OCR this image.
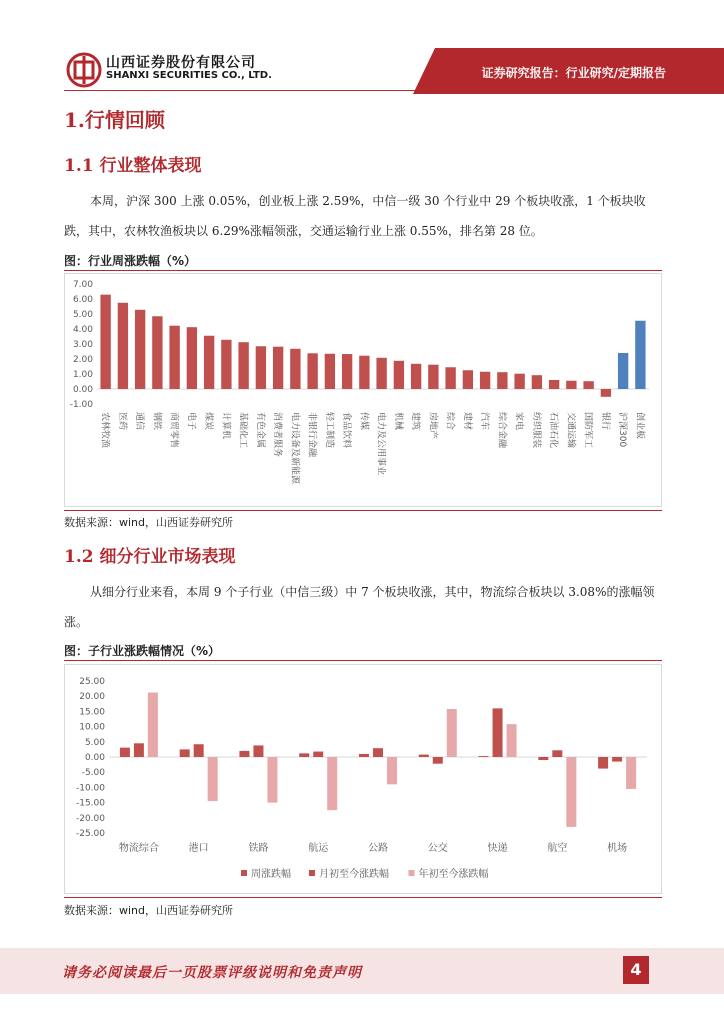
山西证券股份有限公司
SHANXI SECURITIES CO., LTD.	证券研究报告：行业研究/定期报告
1.行情回顾
1.1 行业整体表现
本周，沪深 300 上涨 0.05%，创业板上涨 2.59%，中信一级 30 个行业中 29 个板块收涨，1 个板块收跌，其中，农林牧渔板块以 6.29%涨幅领涨，交通运输行业上涨 0.55%，排名第 28 位。
图：行业周涨跌幅（%）
-1.00
0.00
1.00
2.00
3.00
4.00
5.00
6.00
7.00
农林牧渔 医药 通信 钢铁 商贸零售 电子 煤炭 计算机 基础化工 有色金属 消费者服务 电力设备及新能源 非银行金融 轻工制造 食品饮料 传媒 电力及公用事业 机械 建筑 房地产 综合 建材 汽车 综合金融 家电 纺织服装 石油石化 交通运输 国防军工 银行 沪深300 创业板
数据来源：wind，山西证券研究所
1.2 细分行业市场表现
从细分行业来看，本周 9 个子行业（中信三级）中 7 个板块收涨，其中，物流综合板块以 3.08%的涨幅领涨。
图：子行业涨跌幅情况（%）
-25.00
-20.00
-15.00
-10.00
-5.00
0.00
5.00
10.00
15.00
20.00
25.00
物流综合	港口	铁路	航运	公路	公交	快递	航空	机场
周涨跌幅	月初至今涨跌幅	年初至今涨跌幅
数据来源：wind，山西证券研究所
请务必阅读最后一页股票评级说明和免责声明	4
